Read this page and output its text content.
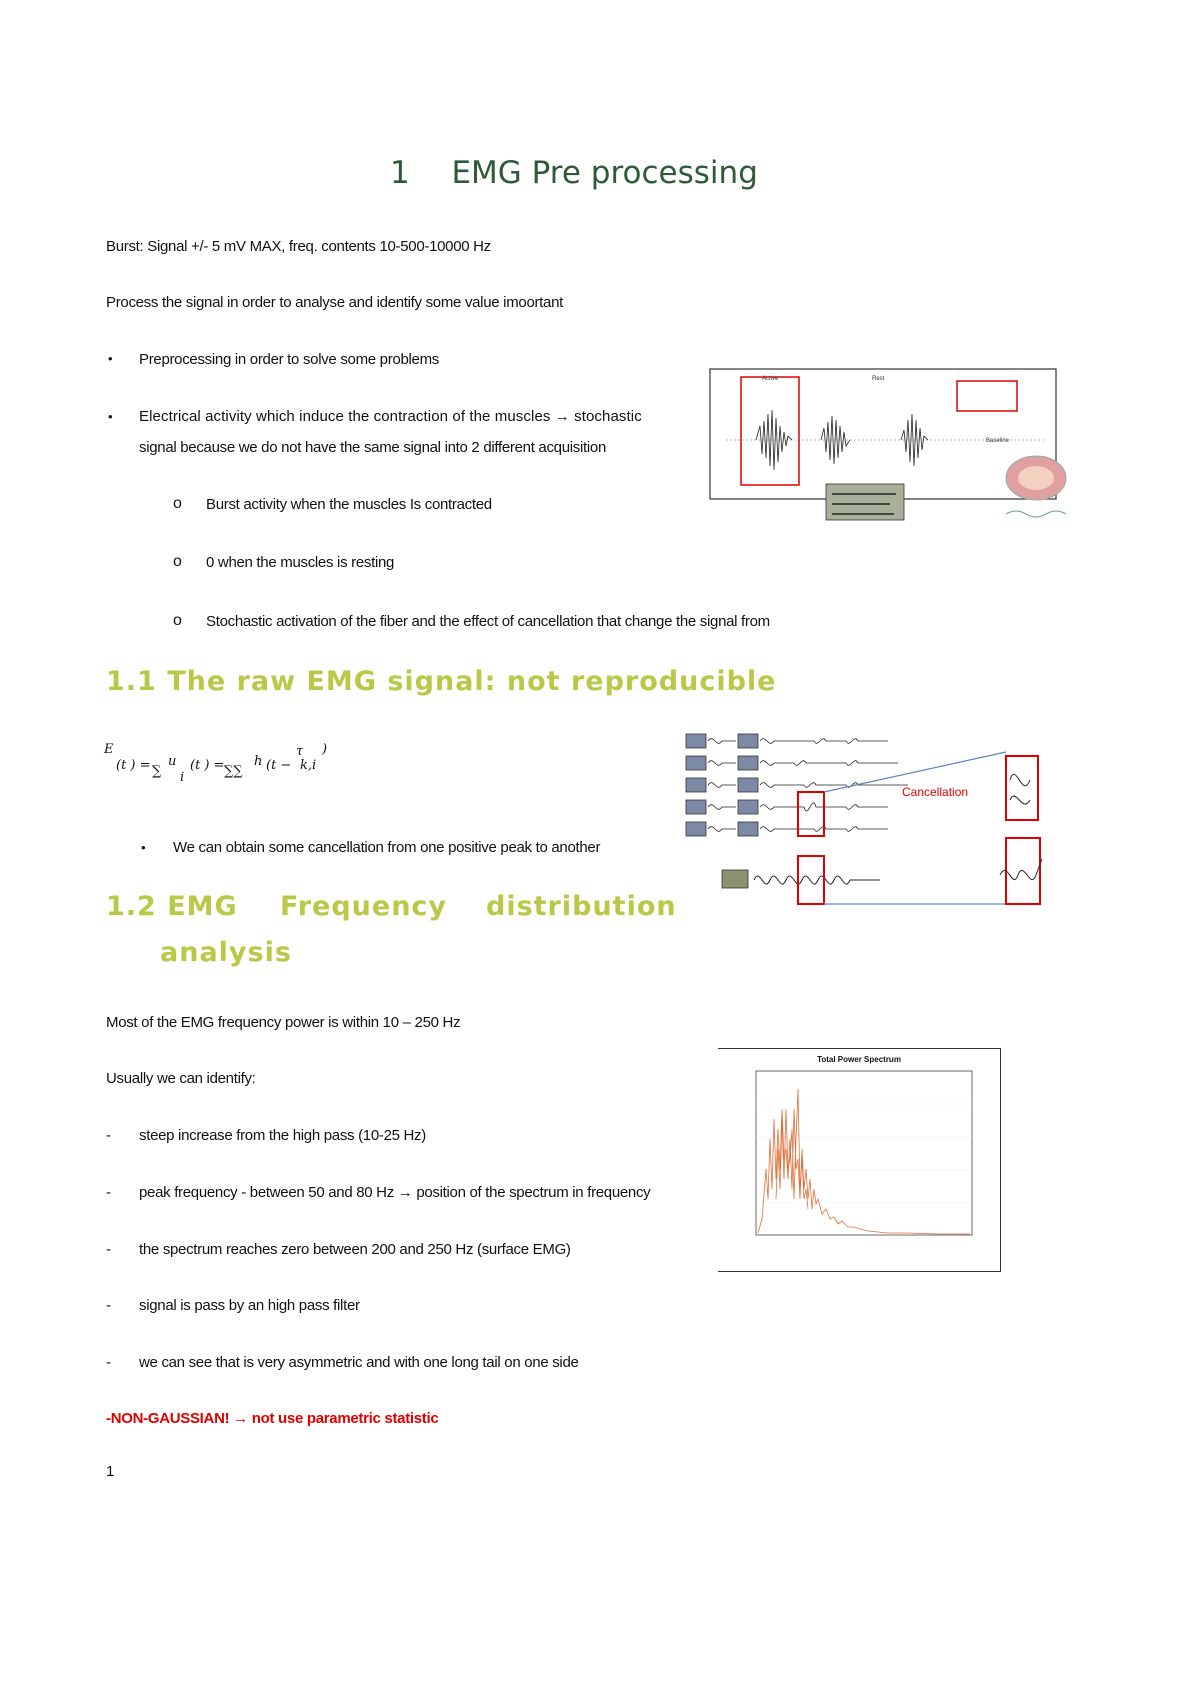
1 EMG Pre processing
Burst: Signal +/- 5 mV MAX, freq. contents 10-500-10000 Hz
Process the signal in order to analyse and identify some value imoortant
• Preprocessing in order to solve some problems
• Electrical activity which induce the contraction of the muscles → stochastic
signal because we do not have the same signal into 2 different acquisition
o Burst activity when the muscles Is contracted
o 0 when the muscles is resting
o Stochastic activation of the fiber and the effect of cancellation that change the signal from
Active	Rest
Baseline
1.1 The raw EMG signal: not reproducible
E
(t ) = ∑
u
i
(t ) = ∑∑
h (t −
τ
k,i
)
• We can obtain some cancellation from one positive peak to another
Cancellation
1.2 EMG Frequency distribution
analysis
Most of the EMG frequency power is within 10 – 250 Hz
Usually we can identify:
- steep increase from the high pass (10-25 Hz)
- peak frequency - between 50 and 80 Hz → position of the spectrum in frequency
- the spectrum reaches zero between 200 and 250 Hz (surface EMG)
- signal is pass by an high pass filter
- we can see that is very asymmetric and with one long tail on one side
-NON-GAUSSIAN! → not use parametric statistic
Total Power Spectrum
1
